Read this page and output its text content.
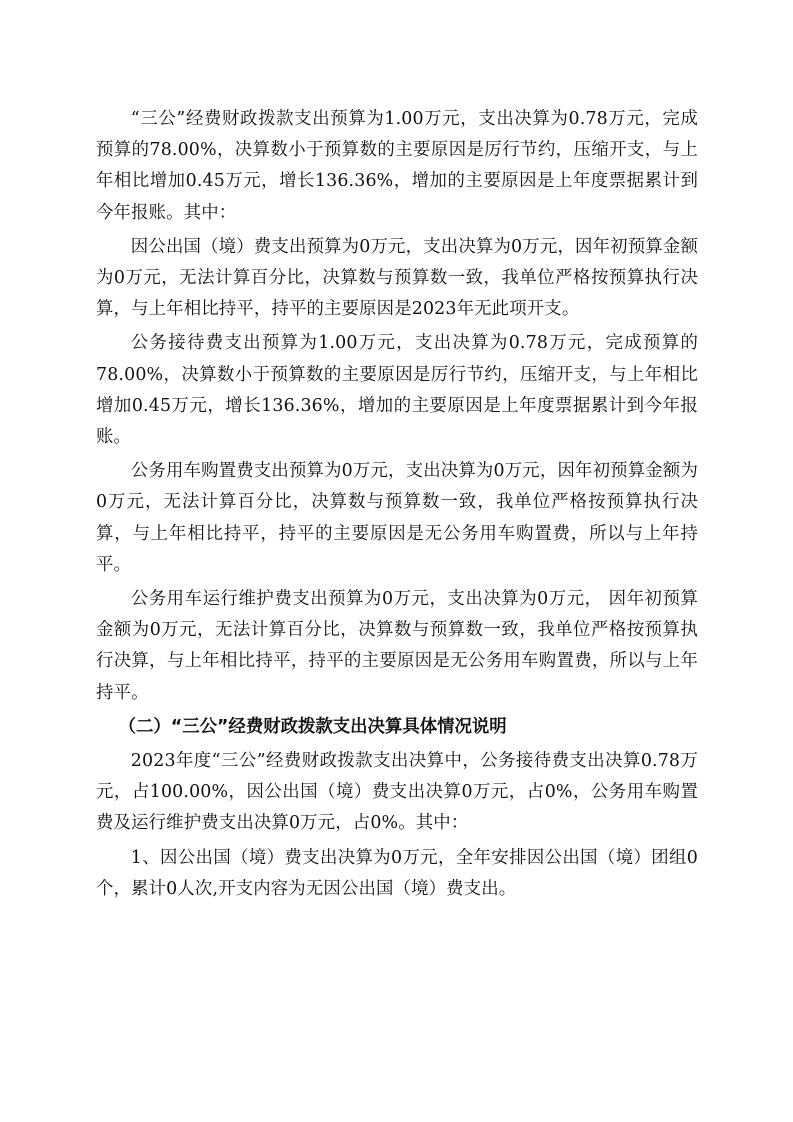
“三公”经费财政拨款支出预算为1.00万元，支出决算为0.78万元，完成预算的78.00%，决算数小于预算数的主要原因是厉行节约，压缩开支，与上年相比增加0.45万元，增长136.36%，增加的主要原因是上年度票据累计到今年报账。其中：

因公出国（境）费支出预算为0万元，支出决算为0万元，因年初预算金额为0万元，无法计算百分比，决算数与预算数一致，我单位严格按预算执行决算，与上年相比持平，持平的主要原因是2023年无此项开支。

公务接待费支出预算为1.00万元，支出决算为0.78万元，完成预算的78.00%，决算数小于预算数的主要原因是厉行节约，压缩开支，与上年相比增加0.45万元，增长136.36%，增加的主要原因是上年度票据累计到今年报账。

公务用车购置费支出预算为0万元，支出决算为0万元，因年初预算金额为0万元，无法计算百分比，决算数与预算数一致，我单位严格按预算执行决算，与上年相比持平，持平的主要原因是无公务用车购置费，所以与上年持平。

公务用车运行维护费支出预算为0万元，支出决算为0万元， 因年初预算金额为0万元，无法计算百分比，决算数与预算数一致，我单位严格按预算执行决算，与上年相比持平，持平的主要原因是无公务用车购置费，所以与上年持平。

（二）“三公”经费财政拨款支出决算具体情况说明

2023年度“三公”经费财政拨款支出决算中，公务接待费支出决算0.78万元，占100.00%，因公出国（境）费支出决算0万元，占0%，公务用车购置费及运行维护费支出决算0万元，占0%。其中：

1、因公出国（境）费支出决算为0万元，全年安排因公出国（境）团组0个，累计0人次,开支内容为无因公出国（境）费支出。
